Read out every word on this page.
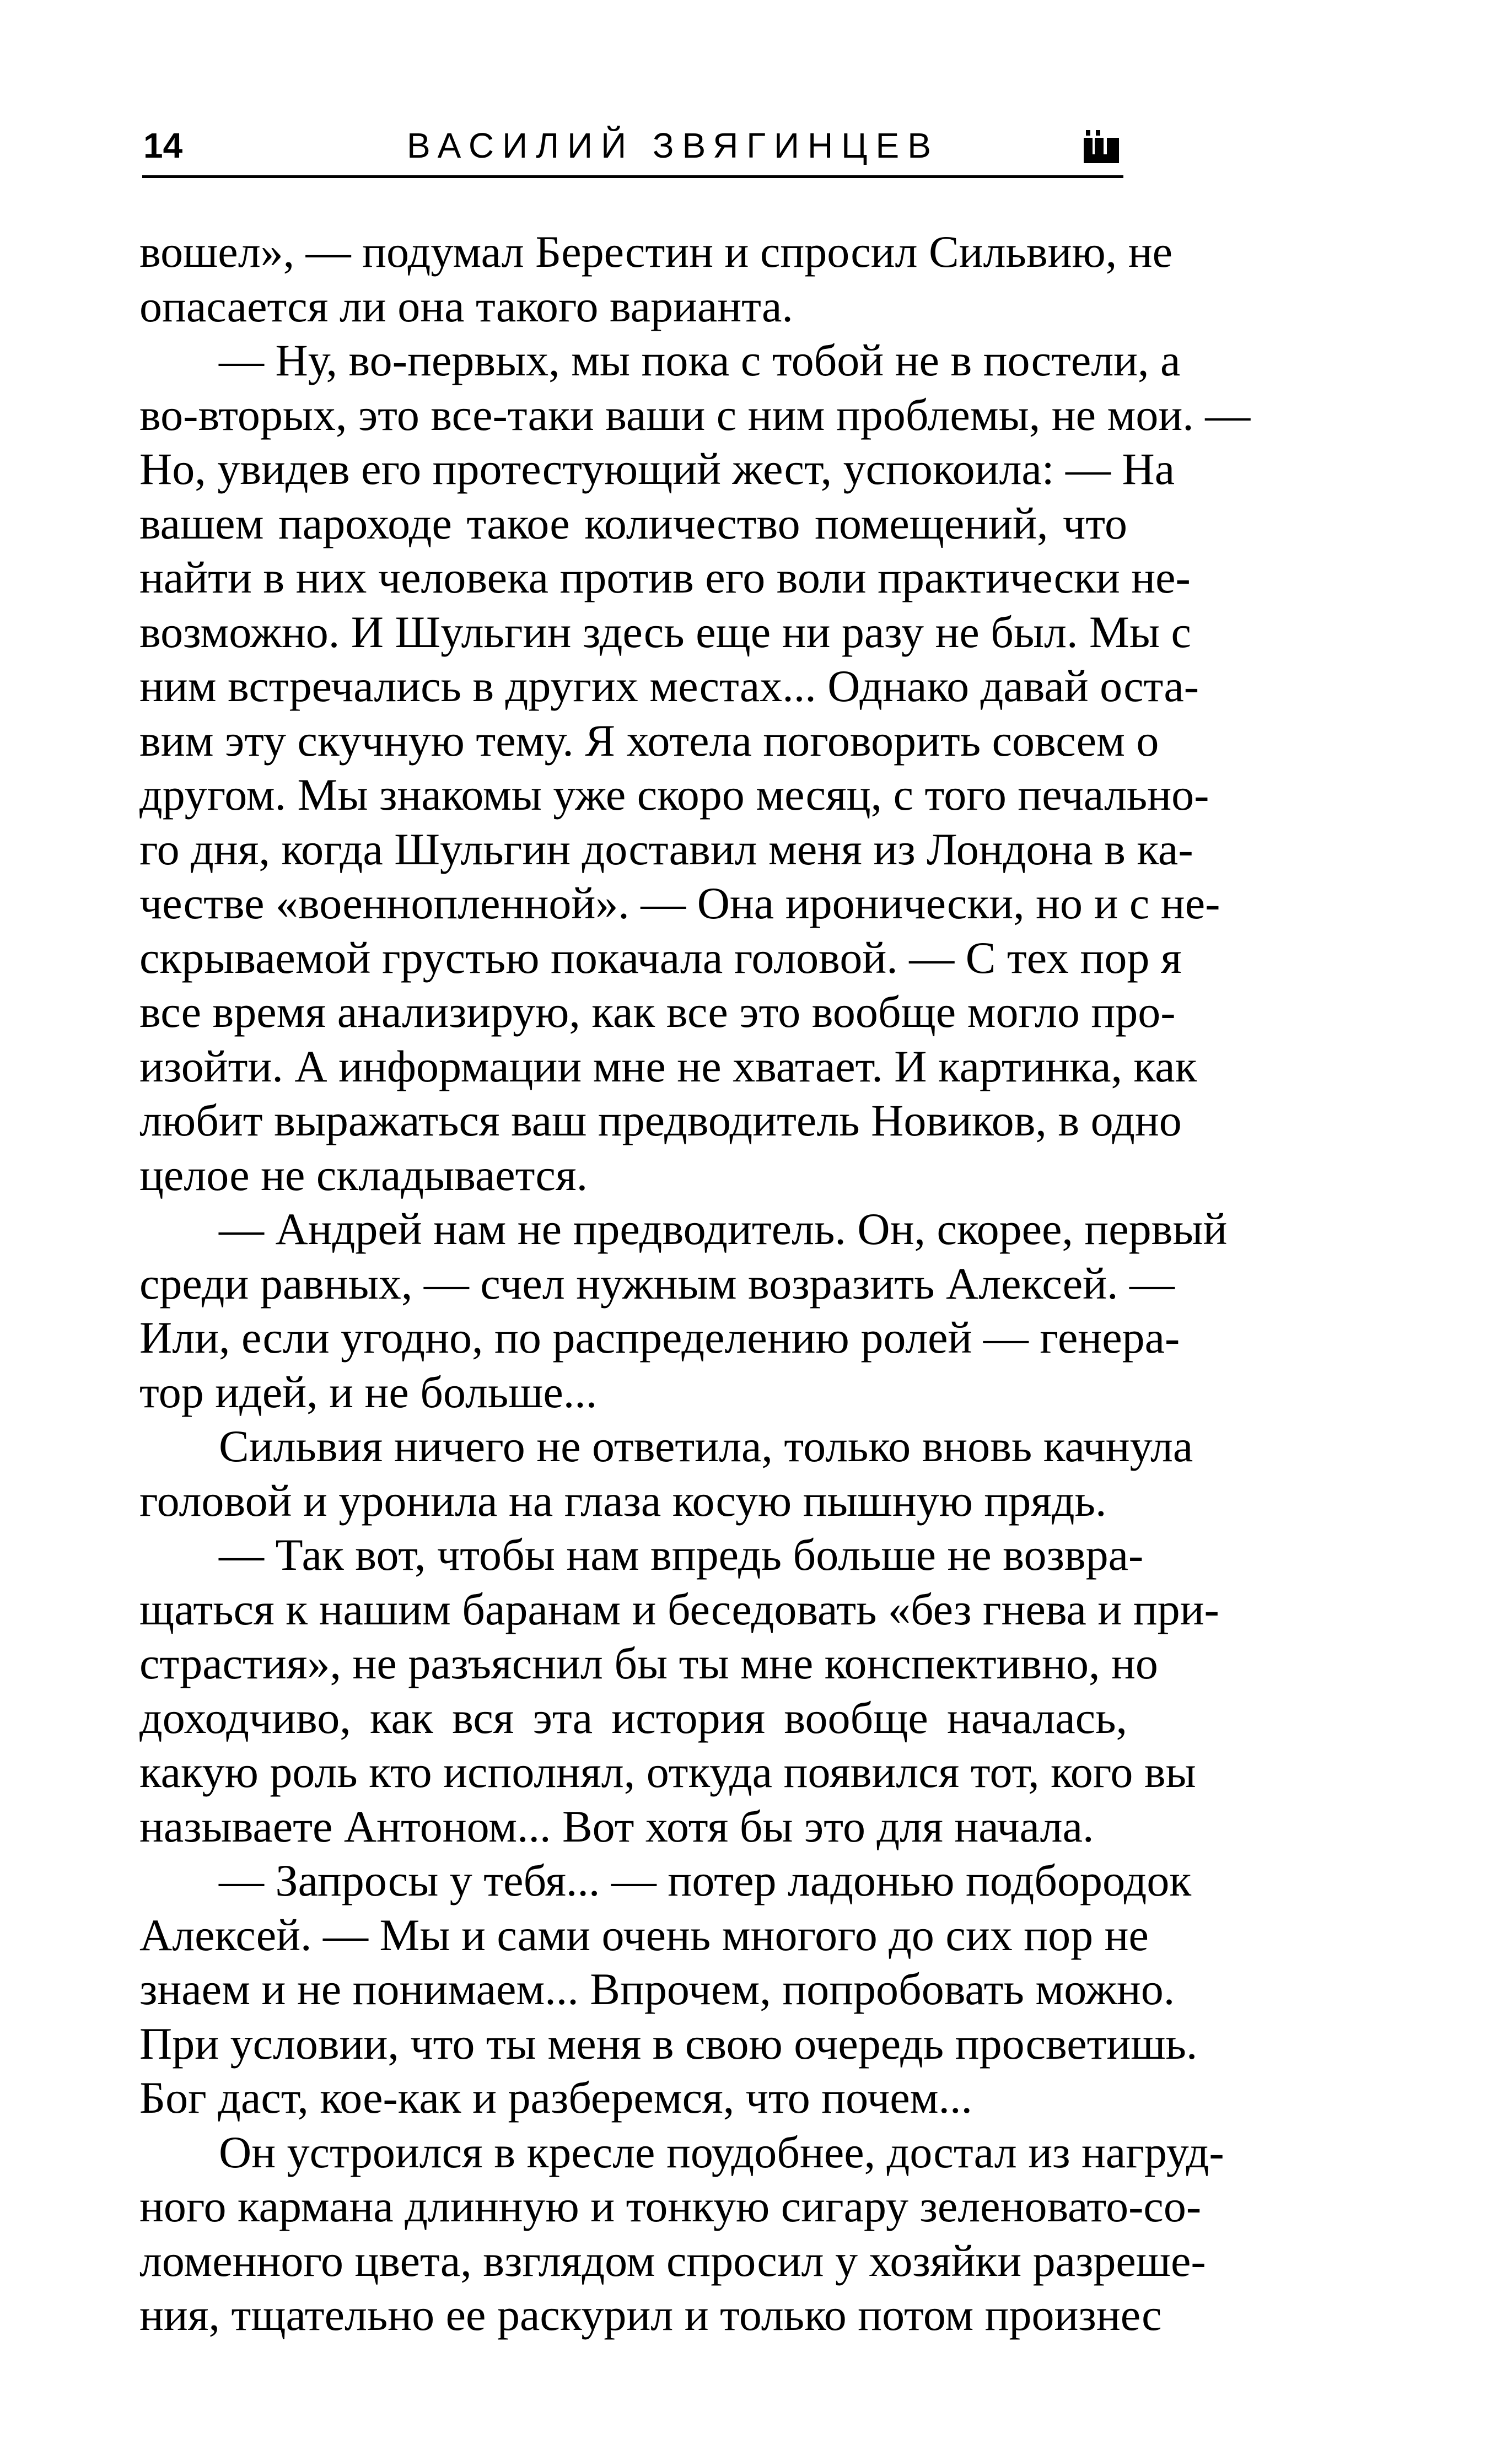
14	ВАСИЛИЙ ЗВЯГИНЦЕВ
вошел», — подумал Берестин и спросил Сильвию, не
опасается ли она такого варианта.
— Ну, во-первых, мы пока с тобой не в постели, а
во-вторых, это все-таки ваши с ним проблемы, не мои. —
Но, увидев его протестующий жест, успокоила: — На
вашем пароходе такое количество помещений, что
найти в них человека против его воли практически не-
возможно. И Шульгин здесь еще ни разу не был. Мы с
ним встречались в других местах... Однако давай оста-
вим эту скучную тему. Я хотела поговорить совсем о
другом. Мы знакомы уже скоро месяц, с того печально-
го дня, когда Шульгин доставил меня из Лондона в ка-
честве «военнопленной». — Она иронически, но и с не-
скрываемой грустью покачала головой. — С тех пор я
все время анализирую, как все это вообще могло про-
изойти. А информации мне не хватает. И картинка, как
любит выражаться ваш предводитель Новиков, в одно
целое не складывается.
— Андрей нам не предводитель. Он, скорее, первый
среди равных, — счел нужным возразить Алексей. —
Или, если угодно, по распределению ролей — генера-
тор идей, и не больше...
Сильвия ничего не ответила, только вновь качнула
головой и уронила на глаза косую пышную прядь.
— Так вот, чтобы нам впредь больше не возвра-
щаться к нашим баранам и беседовать «без гнева и при-
страстия», не разъяснил бы ты мне конспективно, но
доходчиво, как вся эта история вообще началась,
какую роль кто исполнял, откуда появился тот, кого вы
называете Антоном... Вот хотя бы это для начала.
— Запросы у тебя... — потер ладонью подбородок
Алексей. — Мы и сами очень многого до сих пор не
знаем и не понимаем... Впрочем, попробовать можно.
При условии, что ты меня в свою очередь просветишь.
Бог даст, кое-как и разберемся, что почем...
Он устроился в кресле поудобнее, достал из нагруд-
ного кармана длинную и тонкую сигару зеленовато-со-
ломенного цвета, взглядом спросил у хозяйки разреше-
ния, тщательно ее раскурил и только потом произнес
